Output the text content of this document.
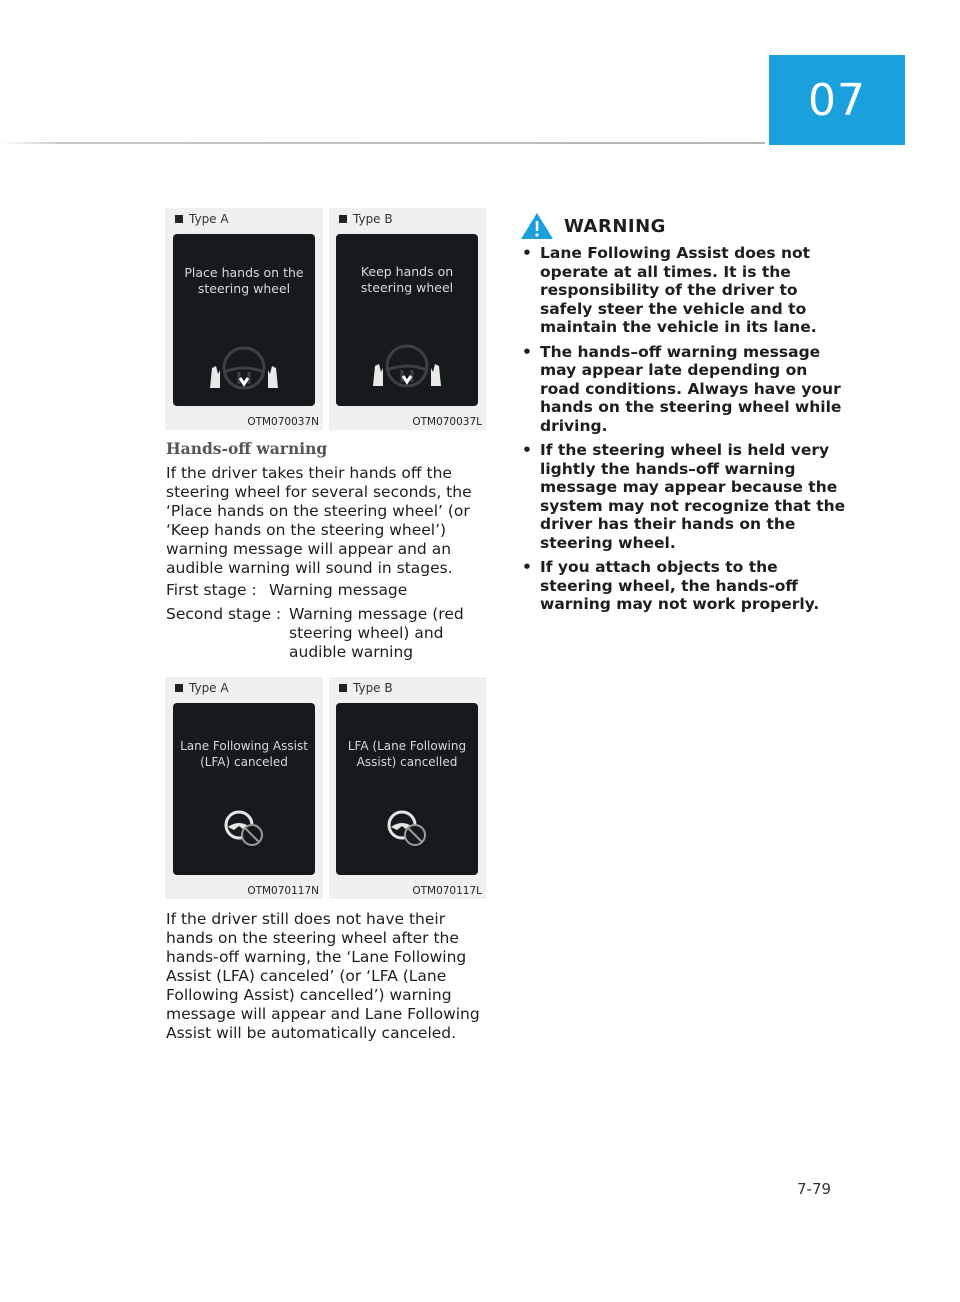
07
Type A
Place hands on the steering wheel
OTM070037N
Type B
Keep hands on steering wheel
OTM070037L
Hands-off warning
If the driver takes their hands off the steering wheel for several seconds, the ‘Place hands on the steering wheel’ (or ‘Keep hands on the steering wheel’) warning message will appear and an audible warning will sound in stages.
First stage : Warning message
Second stage : Warning message (red steering wheel) and audible warning
Type A
Lane Following Assist (LFA) canceled
OTM070117N
Type B
LFA (Lane Following Assist) cancelled
OTM070117L
If the driver still does not have their hands on the steering wheel after the hands-off warning, the ‘Lane Following Assist (LFA) canceled’ (or ‘LFA (Lane Following Assist) cancelled’) warning message will appear and Lane Following Assist will be automatically canceled.
WARNING
• Lane Following Assist does not operate at all times. It is the responsibility of the driver to safely steer the vehicle and to maintain the vehicle in its lane.
• The hands–off warning message may appear late depending on road conditions. Always have your hands on the steering wheel while driving.
• If the steering wheel is held very lightly the hands–off warning message may appear because the system may not recognize that the driver has their hands on the steering wheel.
• If you attach objects to the steering wheel, the hands-off warning may not work properly.
7-79
